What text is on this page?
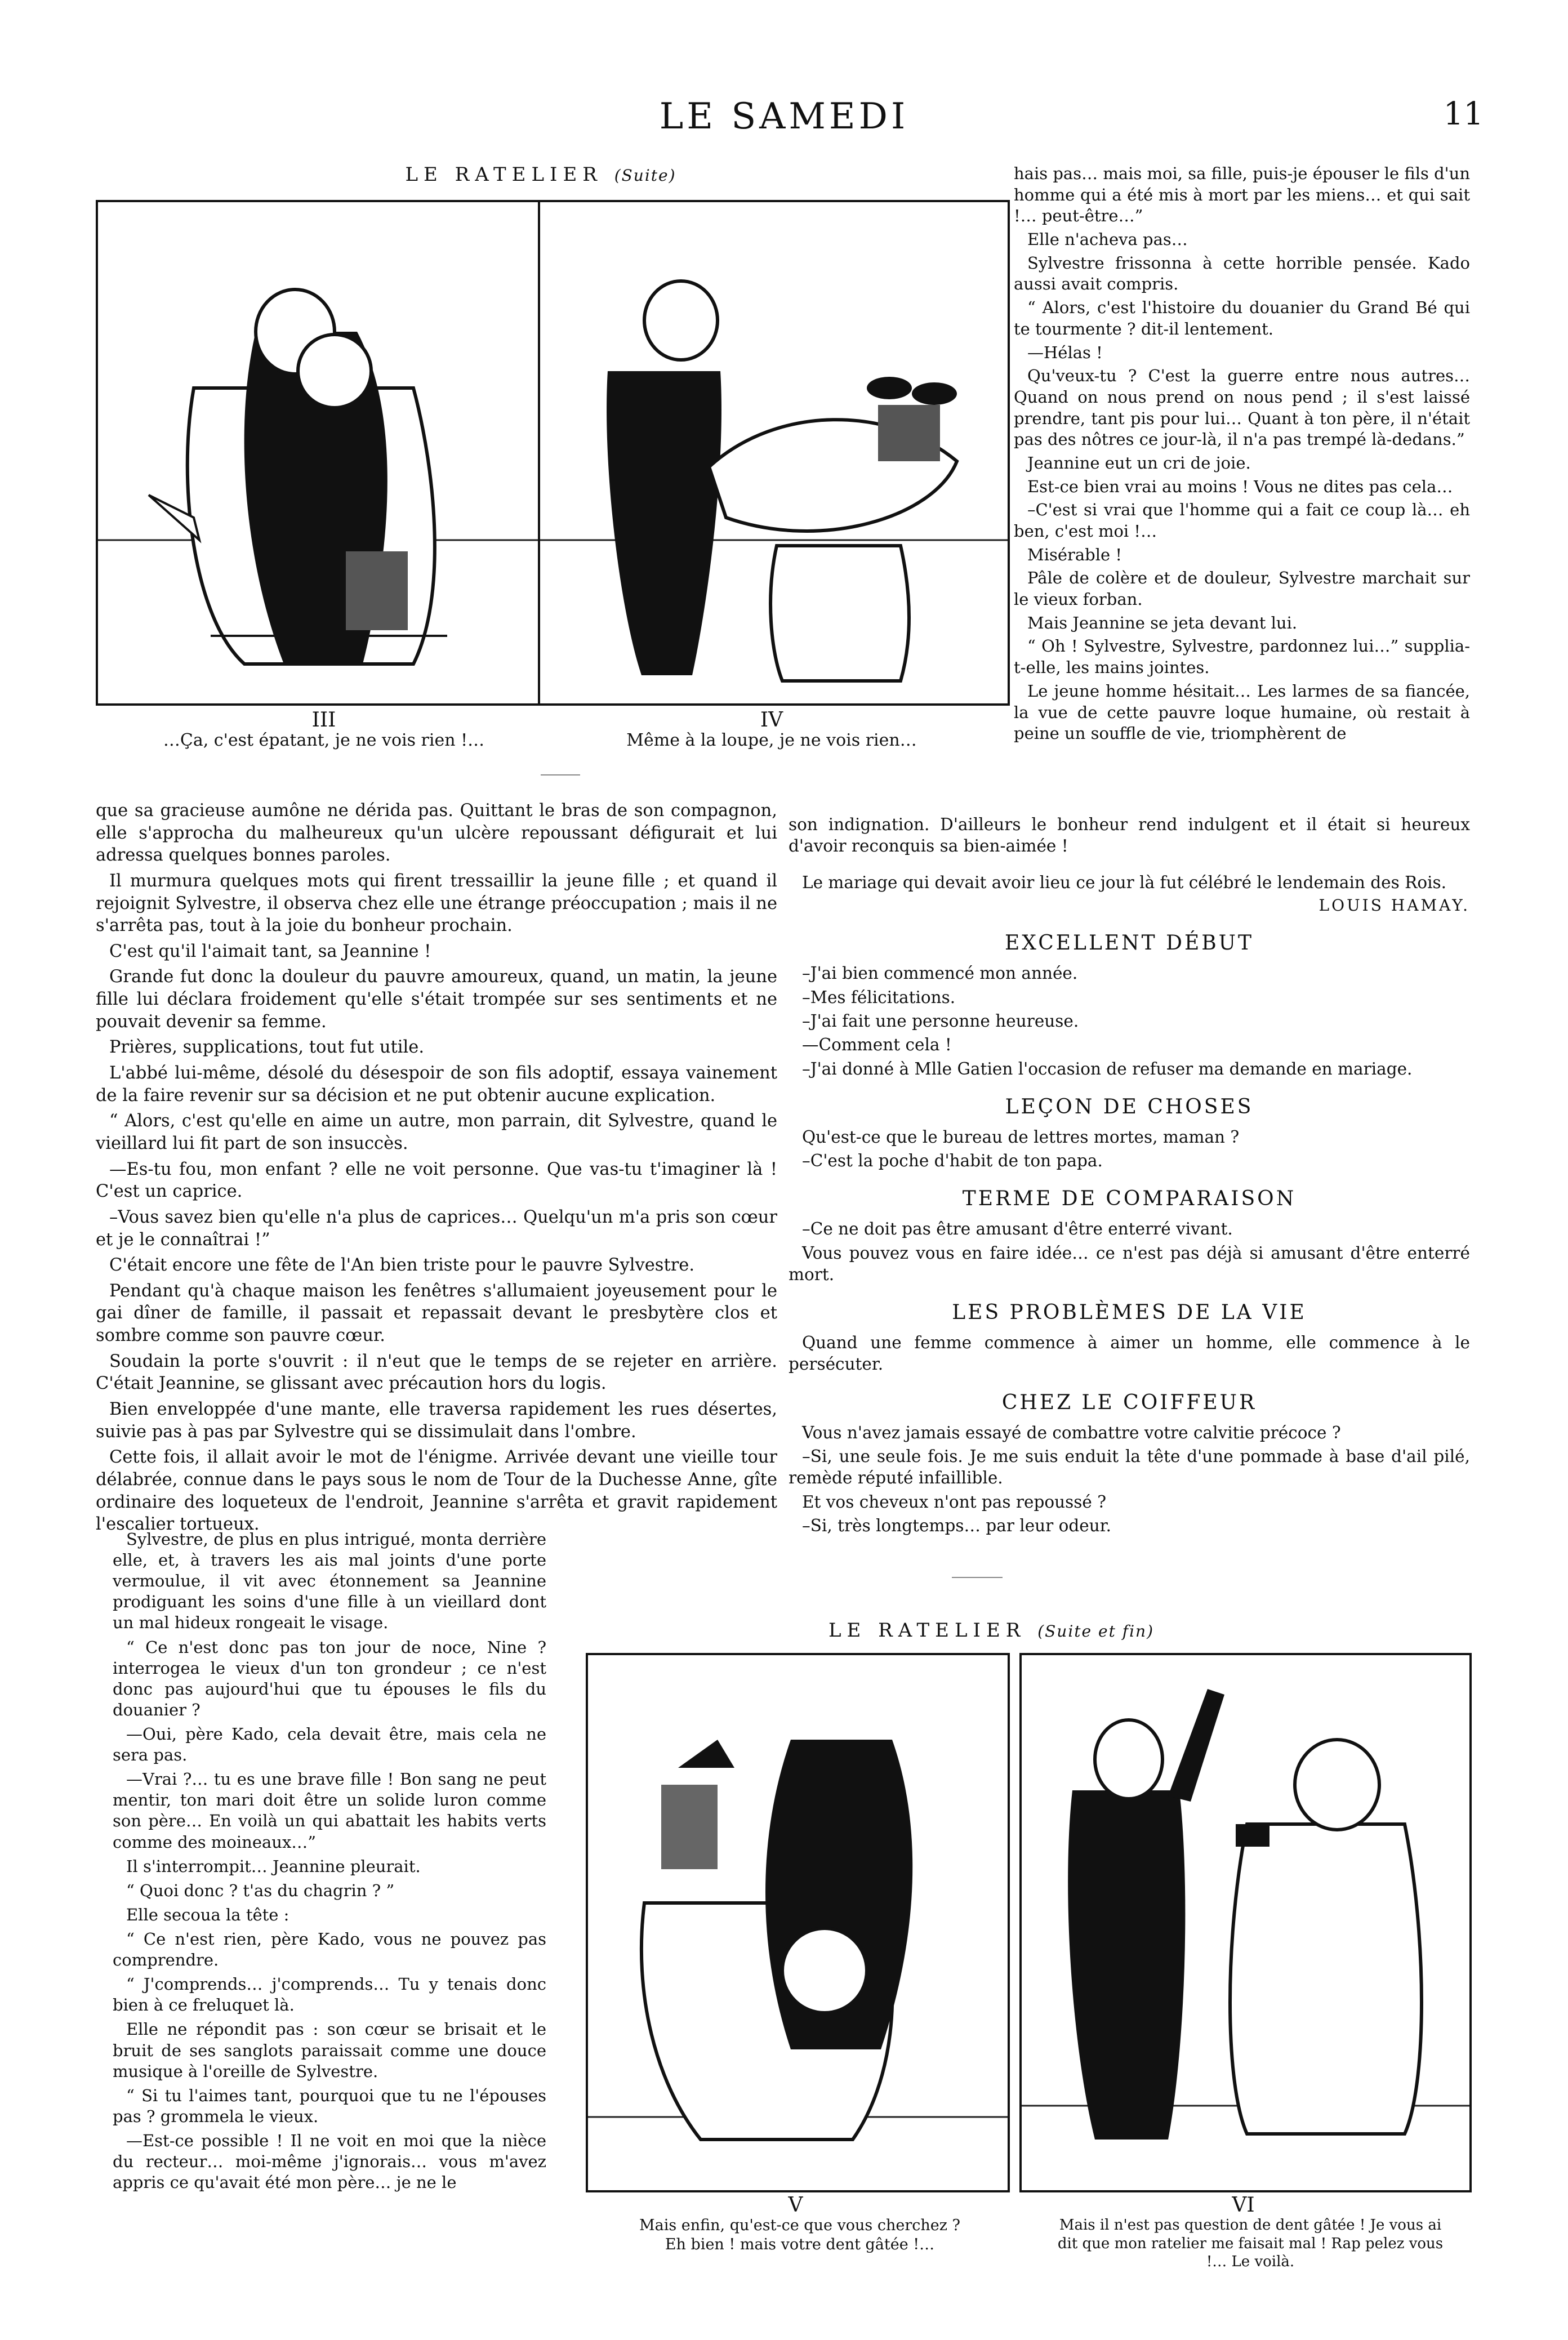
LE SAMEDI	11
LE RATELIER (Suite)
III
…Ça, c'est épatant, je ne vois rien !…
IV
Même à la loupe, je ne vois rien…

que sa gracieuse aumône ne dérida pas. Quittant le bras de son compagnon, elle s'approcha du malheureux qu'un ulcère repoussant défigurait et lui adressa quelques bonnes paroles.

Il murmura quelques mots qui firent tressaillir la jeune fille ; et quand il rejoignit Sylvestre, il observa chez elle une étrange préoccupation ; mais il ne s'arrêta pas, tout à la joie du bonheur prochain.

C'est qu'il l'aimait tant, sa Jeannine !

Grande fut donc la douleur du pauvre amoureux, quand, un matin, la jeune fille lui déclara froidement qu'elle s'était trompée sur ses sentiments et ne pouvait devenir sa femme.

Prières, supplications, tout fut utile.

L'abbé lui-même, désolé du désespoir de son fils adoptif, essaya vainement de la faire revenir sur sa décision et ne put obtenir aucune explication.

“ Alors, c'est qu'elle en aime un autre, mon parrain, dit Sylvestre, quand le vieillard lui fit part de son insuccès.

—Es-tu fou, mon enfant ? elle ne voit personne. Que vas-tu t'imaginer là ! C'est un caprice.

–Vous savez bien qu'elle n'a plus de caprices… Quelqu'un m'a pris son cœur et je le connaîtrai !”

C'était encore une fête de l'An bien triste pour le pauvre Sylvestre.

Pendant qu'à chaque maison les fenêtres s'allumaient joyeusement pour le gai dîner de famille, il passait et repassait devant le presbytère clos et sombre comme son pauvre cœur.

Soudain la porte s'ouvrit : il n'eut que le temps de se rejeter en arrière. C'était Jeannine, se glissant avec précaution hors du logis.

Bien enveloppée d'une mante, elle traversa rapidement les rues désertes, suivie pas à pas par Sylvestre qui se dissimulait dans l'ombre.

Cette fois, il allait avoir le mot de l'énigme. Arrivée devant une vieille tour délabrée, connue dans le pays sous le nom de Tour de la Duchesse Anne, gîte ordinaire des loqueteux de l'endroit, Jeannine s'arrêta et gravit rapidement l'escalier tortueux.

Sylvestre, de plus en plus intrigué, monta derrière elle, et, à travers les ais mal joints d'une porte vermoulue, il vit avec étonnement sa Jeannine prodiguant les soins d'une fille à un vieillard dont un mal hideux rongeait le visage.

“ Ce n'est donc pas ton jour de noce, Nine ? interrogea le vieux d'un ton grondeur ; ce n'est donc pas aujourd'hui que tu épouses le fils du douanier ?

—Oui, père Kado, cela devait être, mais cela ne sera pas.

—Vrai ?… tu es une brave fille ! Bon sang ne peut mentir, ton mari doit être un solide luron comme son père… En voilà un qui abattait les habits verts comme des moineaux…”

Il s'interrompit… Jeannine pleurait.

“ Quoi donc ? t'as du chagrin ? ”

Elle secoua la tête :

“ Ce n'est rien, père Kado, vous ne pouvez pas comprendre.

“ J'comprends… j'comprends… Tu y tenais donc bien à ce freluquet là.

Elle ne répondit pas : son cœur se brisait et le bruit de ses sanglots paraissait comme une douce musique à l'oreille de Sylvestre.

“ Si tu l'aimes tant, pourquoi que tu ne l'épouses pas ? grommela le vieux.

—Est-ce possible ! Il ne voit en moi que la nièce du recteur… moi-même j'ignorais… vous m'avez appris ce qu'avait été mon père… je ne le

hais pas… mais moi, sa fille, puis-je épouser le fils d'un homme qui a été mis à mort par les miens… et qui sait !… peut-être…”

Elle n'acheva pas…

Sylvestre frissonna à cette horrible pensée. Kado aussi avait compris.

“ Alors, c'est l'histoire du douanier du Grand Bé qui te tourmente ? dit-il lentement.

—Hélas !

Qu'veux-tu ? C'est la guerre entre nous autres… Quand on nous prend on nous pend ; il s'est laissé prendre, tant pis pour lui… Quant à ton père, il n'était pas des nôtres ce jour-là, il n'a pas trempé là-dedans.”

Jeannine eut un cri de joie.

Est-ce bien vrai au moins ! Vous ne dites pas cela…

–C'est si vrai que l'homme qui a fait ce coup là… eh ben, c'est moi !…

Misérable !

Pâle de colère et de douleur, Sylvestre marchait sur le vieux forban.

Mais Jeannine se jeta devant lui.

“ Oh ! Sylvestre, Sylvestre, pardonnez lui…” supplia-t-elle, les mains jointes.

Le jeune homme hésitait… Les larmes de sa fiancée, la vue de cette pauvre loque humaine, où restait à peine un souffle de vie, triomphèrent de

son indignation. D'ailleurs le bonheur rend indulgent et il était si heureux d'avoir reconquis sa bien-aimée !

Le mariage qui devait avoir lieu ce jour là fut célébré le lendemain des Rois.

LOUIS HAMAY.
EXCELLENT DÉBUT

–J'ai bien commencé mon année.

–Mes félicitations.

–J'ai fait une personne heureuse.

—Comment cela !

–J'ai donné à Mlle Gatien l'occasion de refuser ma demande en mariage.

LEÇON DE CHOSES

Qu'est-ce que le bureau de lettres mortes, maman ?

–C'est la poche d'habit de ton papa.

TERME DE COMPARAISON

–Ce ne doit pas être amusant d'être enterré vivant.

Vous pouvez vous en faire idée… ce n'est pas déjà si amusant d'être enterré mort.

LES PROBLÈMES DE LA VIE

Quand une femme commence à aimer un homme, elle commence à le persécuter.

CHEZ LE COIFFEUR

Vous n'avez jamais essayé de combattre votre calvitie précoce ?

–Si, une seule fois. Je me suis enduit la tête d'une pommade à base d'ail pilé, remède réputé infaillible.

Et vos cheveux n'ont pas repoussé ?

–Si, très longtemps… par leur odeur.

LE RATELIER (Suite et fin)
V
Mais enfin, qu'est-ce que vous cherchez ? Eh bien ! mais votre dent gâtée !…
VI
Mais il n'est pas question de dent gâtée ! Je vous ai dit que mon ratelier me faisait mal ! Rap pelez vous !… Le voilà.
